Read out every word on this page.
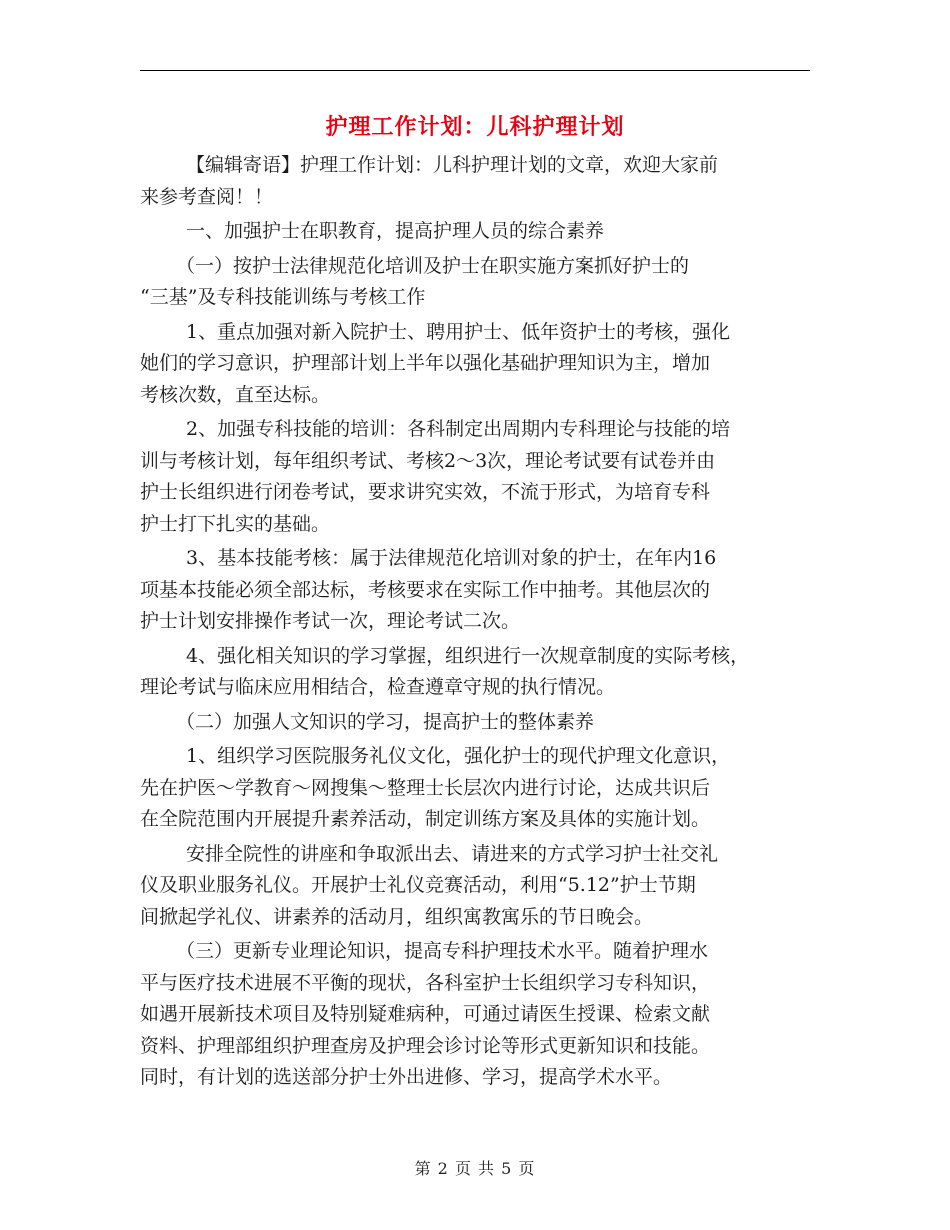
护理工作计划：儿科护理计划
【编辑寄语】护理工作计划：儿科护理计划的文章，欢迎大家前
来参考查阅！！
一、加强护士在职教育，提高护理人员的综合素养
（一）按护士法律规范化培训及护士在职实施方案抓好护士的
“三基”及专科技能训练与考核工作
1、重点加强对新入院护士、聘用护士、低年资护士的考核，强化
她们的学习意识，护理部计划上半年以强化基础护理知识为主，增加
考核次数，直至达标。
2、加强专科技能的培训：各科制定出周期内专科理论与技能的培
训与考核计划，每年组织考试、考核2～3次，理论考试要有试卷并由
护士长组织进行闭卷考试，要求讲究实效，不流于形式，为培育专科
护士打下扎实的基础。
3、基本技能考核：属于法律规范化培训对象的护士，在年内16
项基本技能必须全部达标，考核要求在实际工作中抽考。其他层次的
护士计划安排操作考试一次，理论考试二次。
4、强化相关知识的学习掌握，组织进行一次规章制度的实际考核，
理论考试与临床应用相结合，检查遵章守规的执行情况。
（二）加强人文知识的学习，提高护士的整体素养
1、组织学习医院服务礼仪文化，强化护士的现代护理文化意识，
先在护医～学教育～网搜集～整理士长层次内进行讨论，达成共识后
在全院范围内开展提升素养活动，制定训练方案及具体的实施计划。
安排全院性的讲座和争取派出去、请进来的方式学习护士社交礼
仪及职业服务礼仪。开展护士礼仪竞赛活动，利用“5.12”护士节期
间掀起学礼仪、讲素养的活动月，组织寓教寓乐的节日晚会。
（三）更新专业理论知识，提高专科护理技术水平。随着护理水
平与医疗技术进展不平衡的现状，各科室护士长组织学习专科知识，
如遇开展新技术项目及特别疑难病种，可通过请医生授课、检索文献
资料、护理部组织护理查房及护理会诊讨论等形式更新知识和技能。
同时，有计划的选送部分护士外出进修、学习，提高学术水平。
第 2 页 共 5 页
